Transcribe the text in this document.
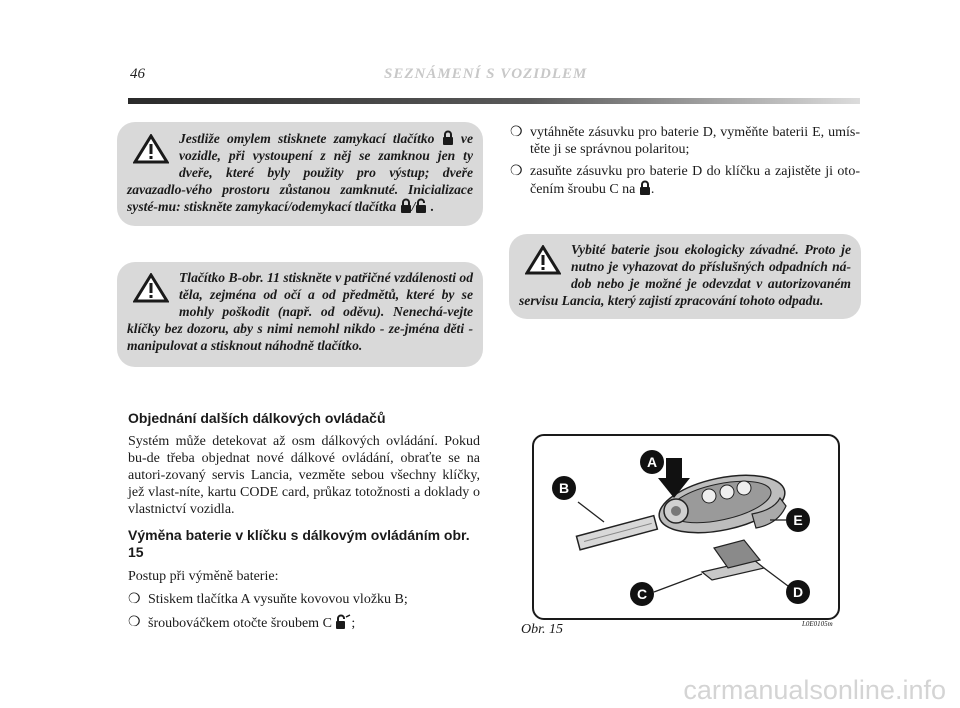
46	SEZNÁMENÍ S VOZIDLEM

Jestliže omylem stisknete zamykací tlačítko ve vozidle, při vystoupení z něj se zamknou jen ty dveře, které byly použity pro výstup; dveře zavazadlo-vého prostoru zůstanou zamknuté. Inicializace systé-mu: stiskněte zamykací/odemykací tlačítka / .

Tlačítko B-obr. 11 stiskněte v patřičné vzdálenosti od těla, zejména od očí a od předmětů, které by se mohly poškodit (např. od oděvu). Nenechá-vejte klíčky bez dozoru, aby s nimi nemohl nikdo - ze-jména děti - manipulovat a stisknout náhodně tlačítko.

Objednání dalších dálkových ovládačů

Systém může detekovat až osm dálkových ovládání. Pokud bu-de třeba objednat nové dálkové ovládání, obraťte se na autori-zovaný servis Lancia, vezměte sebou všechny klíčky, jež vlast-níte, kartu CODE card, průkaz totožnosti a doklady o vlastnictví vozidla.

Výměna baterie v klíčku s dálkovým ovládáním obr. 15

Postup při výměně baterie:

❍ Stiskem tlačítka A vysuňte kovovou vložku B;
❍ šroubováčkem otočte šroubem C ;
❍ vytáhněte zásuvku pro baterie D, vyměňte baterii E, umís-těte ji se správnou polaritou;

❍ zasuňte zásuvku pro baterie D do klíčku a zajistěte ji oto-čením šroubu C na .

Vybité baterie jsou ekologicky závadné. Proto je nutno je vyhazovat do příslušných odpadních ná-dob nebo je možné je odevzdat v autorizovaném servisu Lancia, který zajistí zpracování tohoto odpadu.

A
B
C	D
E
Obr. 15	L0E0105m
carmanualsonline.info
